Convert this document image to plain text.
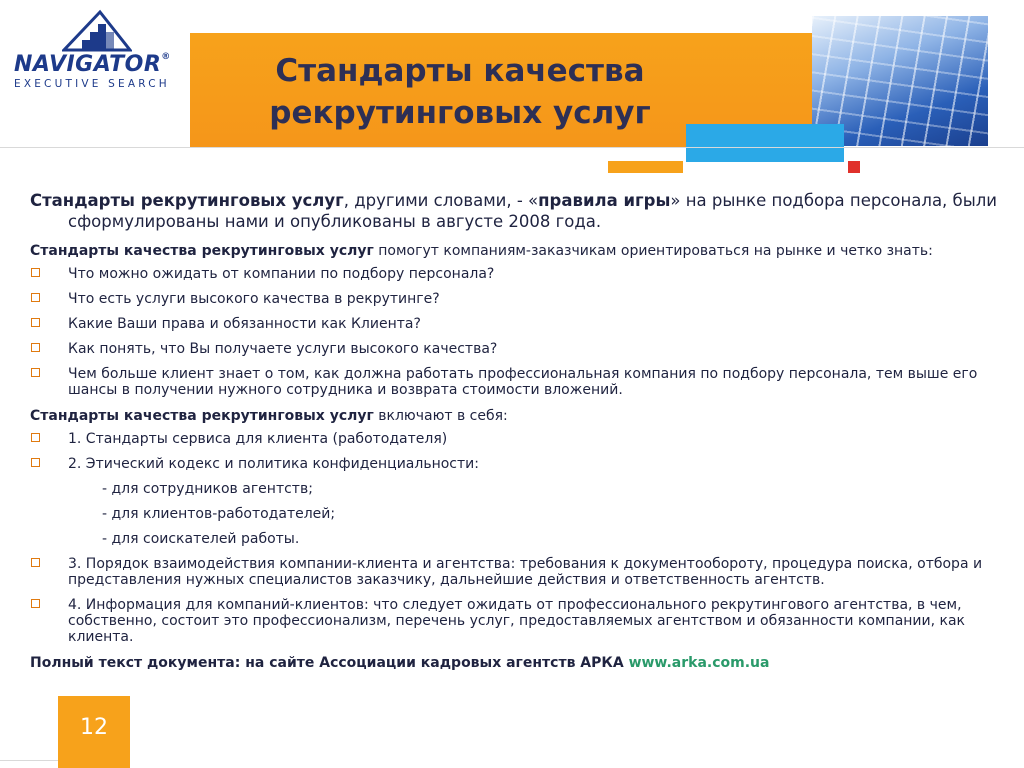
NAVIGATOR®
EXECUTIVE SEARCH	Стандарты качества
рекрутинговых услуг

Стандарты рекрутинговых услуг, другими словами, - «правила игры» на рынке подбора персонала, были сформулированы нами и опубликованы в августе 2008 года.

Стандарты качества рекрутинговых услуг помогут компаниям-заказчикам ориентироваться на рынке и четко знать:

Что можно ожидать от компании по подбору персонала?
Что есть услуги высокого качества в рекрутинге?
Какие Ваши права и обязанности как Клиента?
Как понять, что Вы получаете услуги высокого качества?
Чем больше клиент знает о том, как должна работать профессиональная компания по подбору персонала, тем выше его шансы в получении нужного сотрудника и возврата стоимости вложений.

Стандарты качества рекрутинговых услуг включают в себя:

1. Стандарты сервиса для клиента (работодателя)
2. Этический кодекс и политика конфиденциальности:
- для сотрудников агентств;
- для клиентов-работодателей;
- для соискателей работы.
3. Порядок взаимодействия компании-клиента и агентства: требования к документообороту, процедура поиска, отбора и представления нужных специалистов заказчику, дальнейшие действия и ответственность агентств.
4. Информация для компаний-клиентов: что следует ожидать от профессионального рекрутингового агентства, в чем, собственно, состоит это профессионализм, перечень услуг, предоставляемых агентством и обязанности компании, как клиента.

Полный текст документа: на сайте Ассоциации кадровых агентств АРКА www.arka.com.ua

12
